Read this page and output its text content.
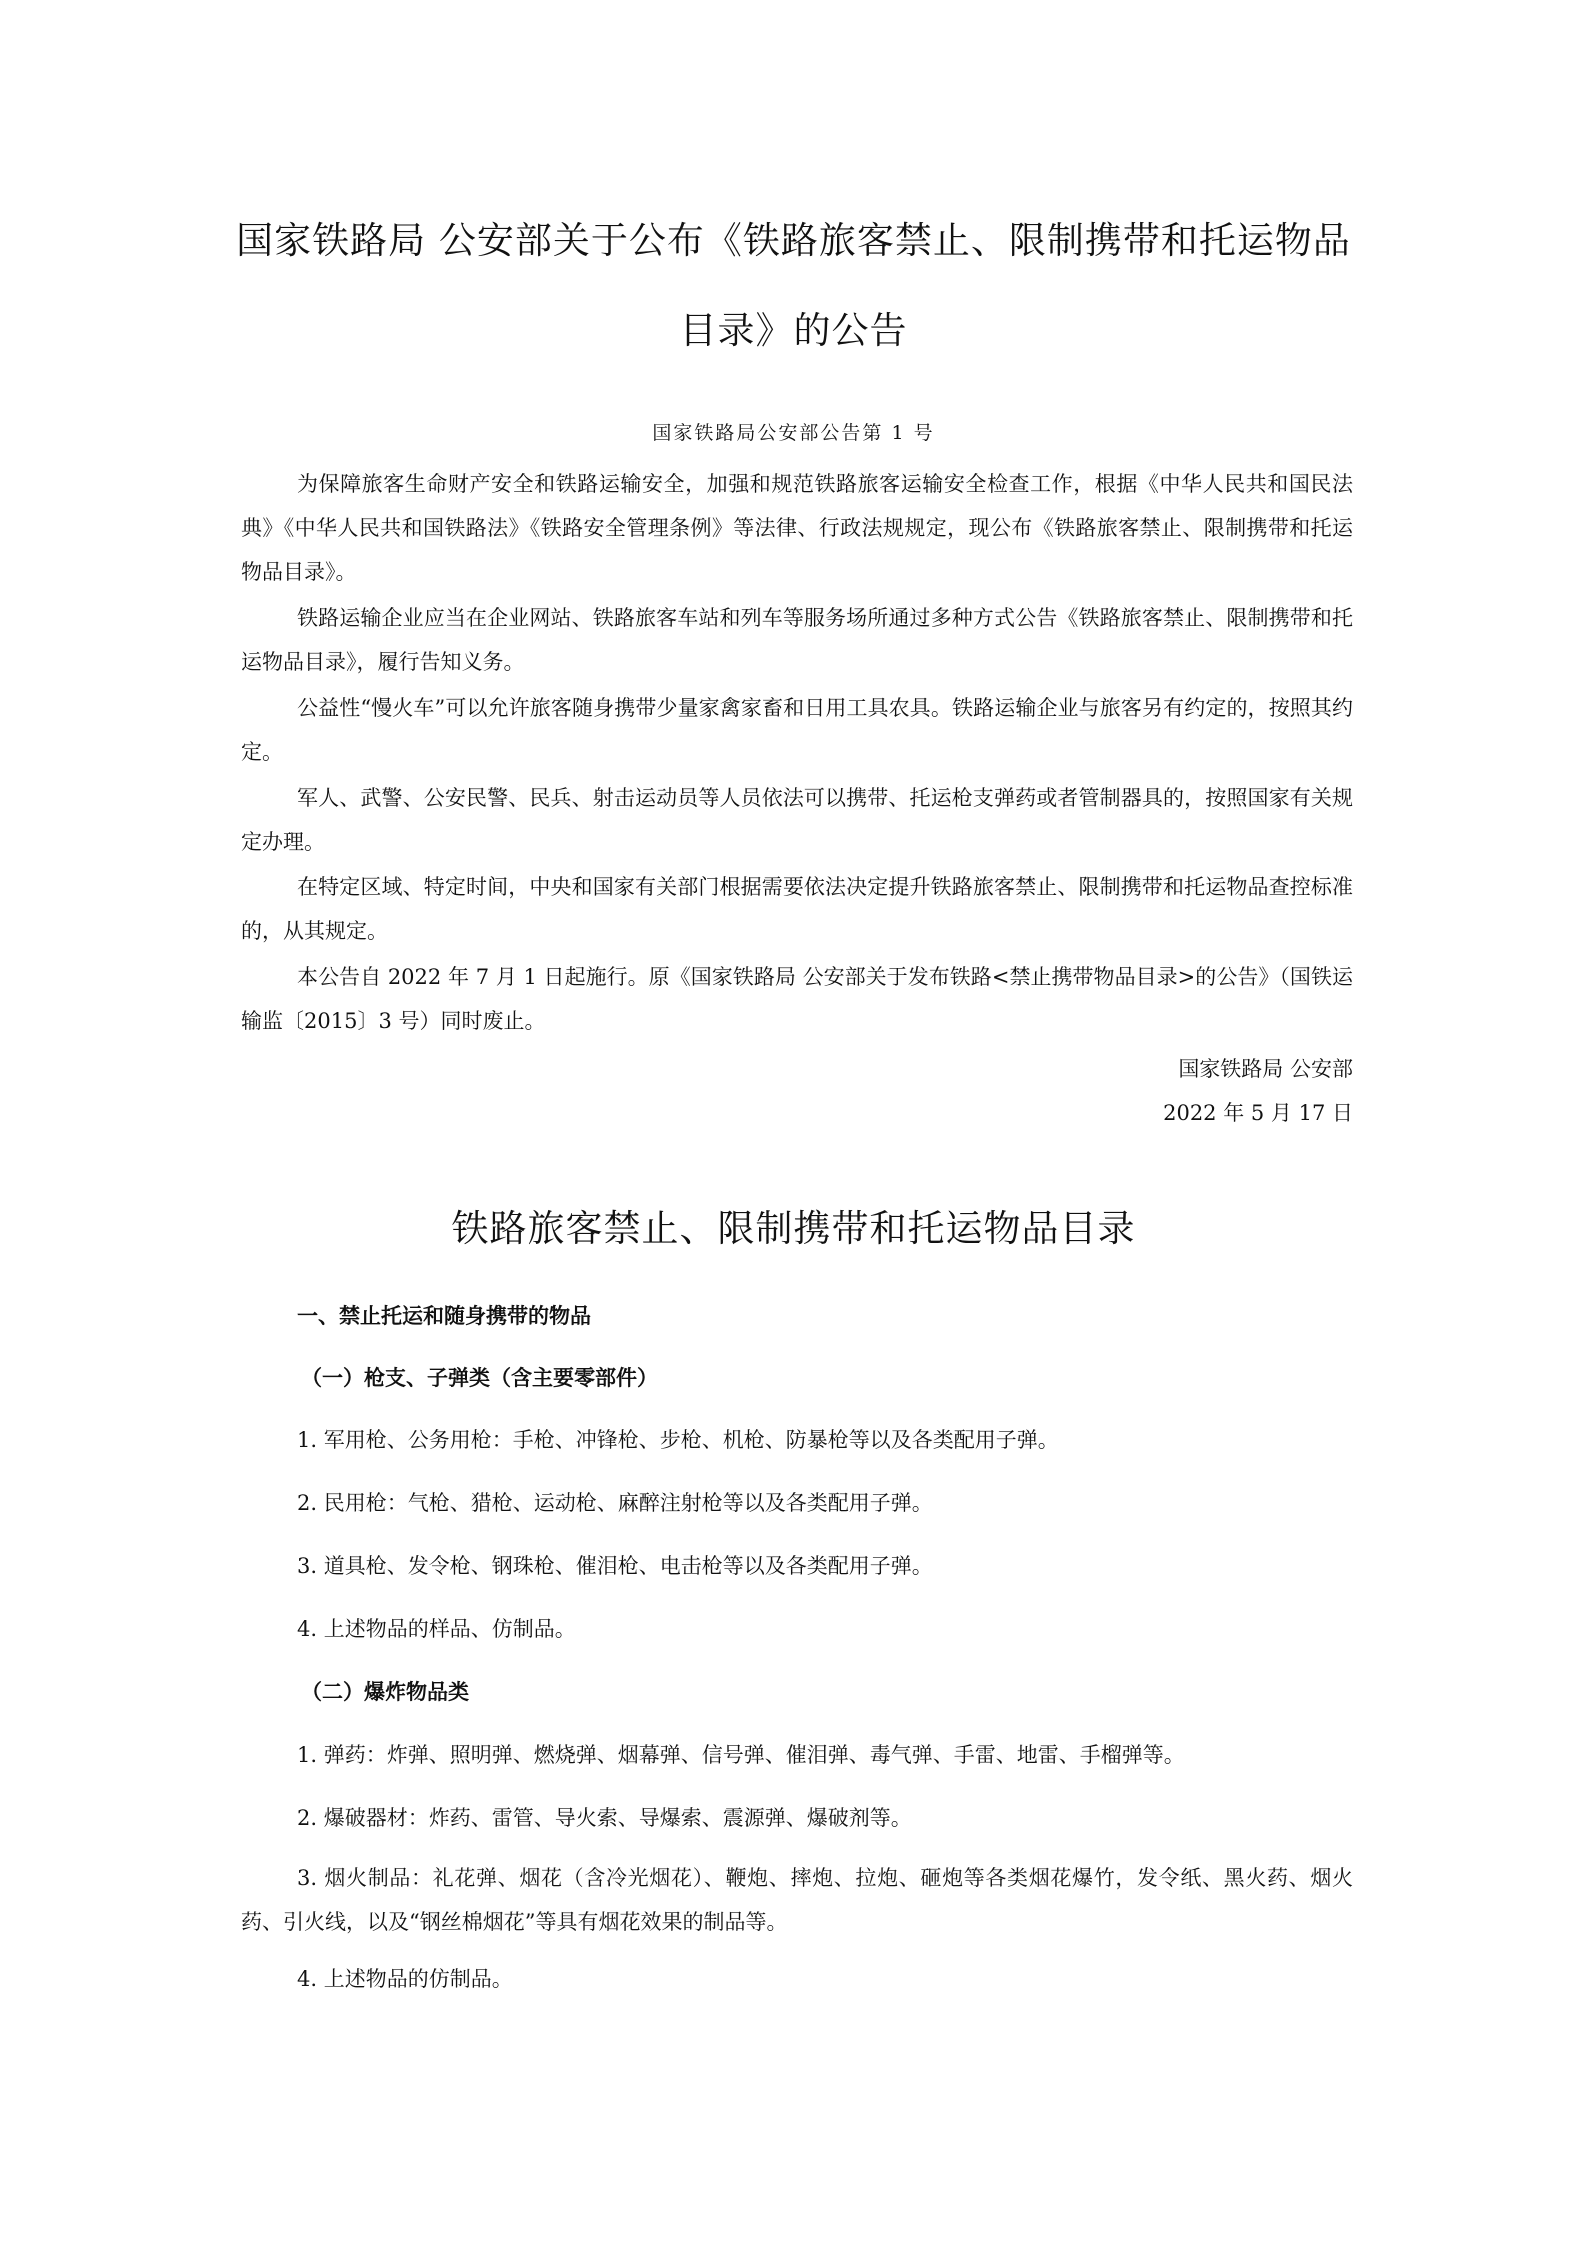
国家铁路局 公安部关于公布《铁路旅客禁止、限制携带和托运物品
目录》的公告
国家铁路局公安部公告第 1 号

为保障旅客生命财产安全和铁路运输安全，加强和规范铁路旅客运输安全检查工作，根据《中华人民共和国民法典》《中华人民共和国铁路法》《铁路安全管理条例》等法律、行政法规规定，现公布《铁路旅客禁止、限制携带和托运物品目录》。

铁路运输企业应当在企业网站、铁路旅客车站和列车等服务场所通过多种方式公告《铁路旅客禁止、限制携带和托运物品目录》，履行告知义务。

公益性“慢火车”可以允许旅客随身携带少量家禽家畜和日用工具农具。铁路运输企业与旅客另有约定的，按照其约定。

军人、武警、公安民警、民兵、射击运动员等人员依法可以携带、托运枪支弹药或者管制器具的，按照国家有关规定办理。

在特定区域、特定时间，中央和国家有关部门根据需要依法决定提升铁路旅客禁止、限制携带和托运物品查控标准的，从其规定。

本公告自 2022 年 7 月 1 日起施行。原《国家铁路局 公安部关于发布铁路<禁止携带物品目录>的公告》（国铁运输监〔2015〕3 号）同时废止。

国家铁路局 公安部
2022 年 5 月 17 日
铁路旅客禁止、限制携带和托运物品目录
一、禁止托运和随身携带的物品
（一）枪支、子弹类（含主要零部件）
1. 军用枪、公务用枪：手枪、冲锋枪、步枪、机枪、防暴枪等以及各类配用子弹。
2. 民用枪：气枪、猎枪、运动枪、麻醉注射枪等以及各类配用子弹。
3. 道具枪、发令枪、钢珠枪、催泪枪、电击枪等以及各类配用子弹。
4. 上述物品的样品、仿制品。
（二）爆炸物品类
1. 弹药：炸弹、照明弹、燃烧弹、烟幕弹、信号弹、催泪弹、毒气弹、手雷、地雷、手榴弹等。
2. 爆破器材：炸药、雷管、导火索、导爆索、震源弹、爆破剂等。
3. 烟火制品：礼花弹、烟花（含冷光烟花）、鞭炮、摔炮、拉炮、砸炮等各类烟花爆竹，发令纸、黑火药、烟火药、引火线，以及“钢丝棉烟花”等具有烟花效果的制品等。
4. 上述物品的仿制品。
